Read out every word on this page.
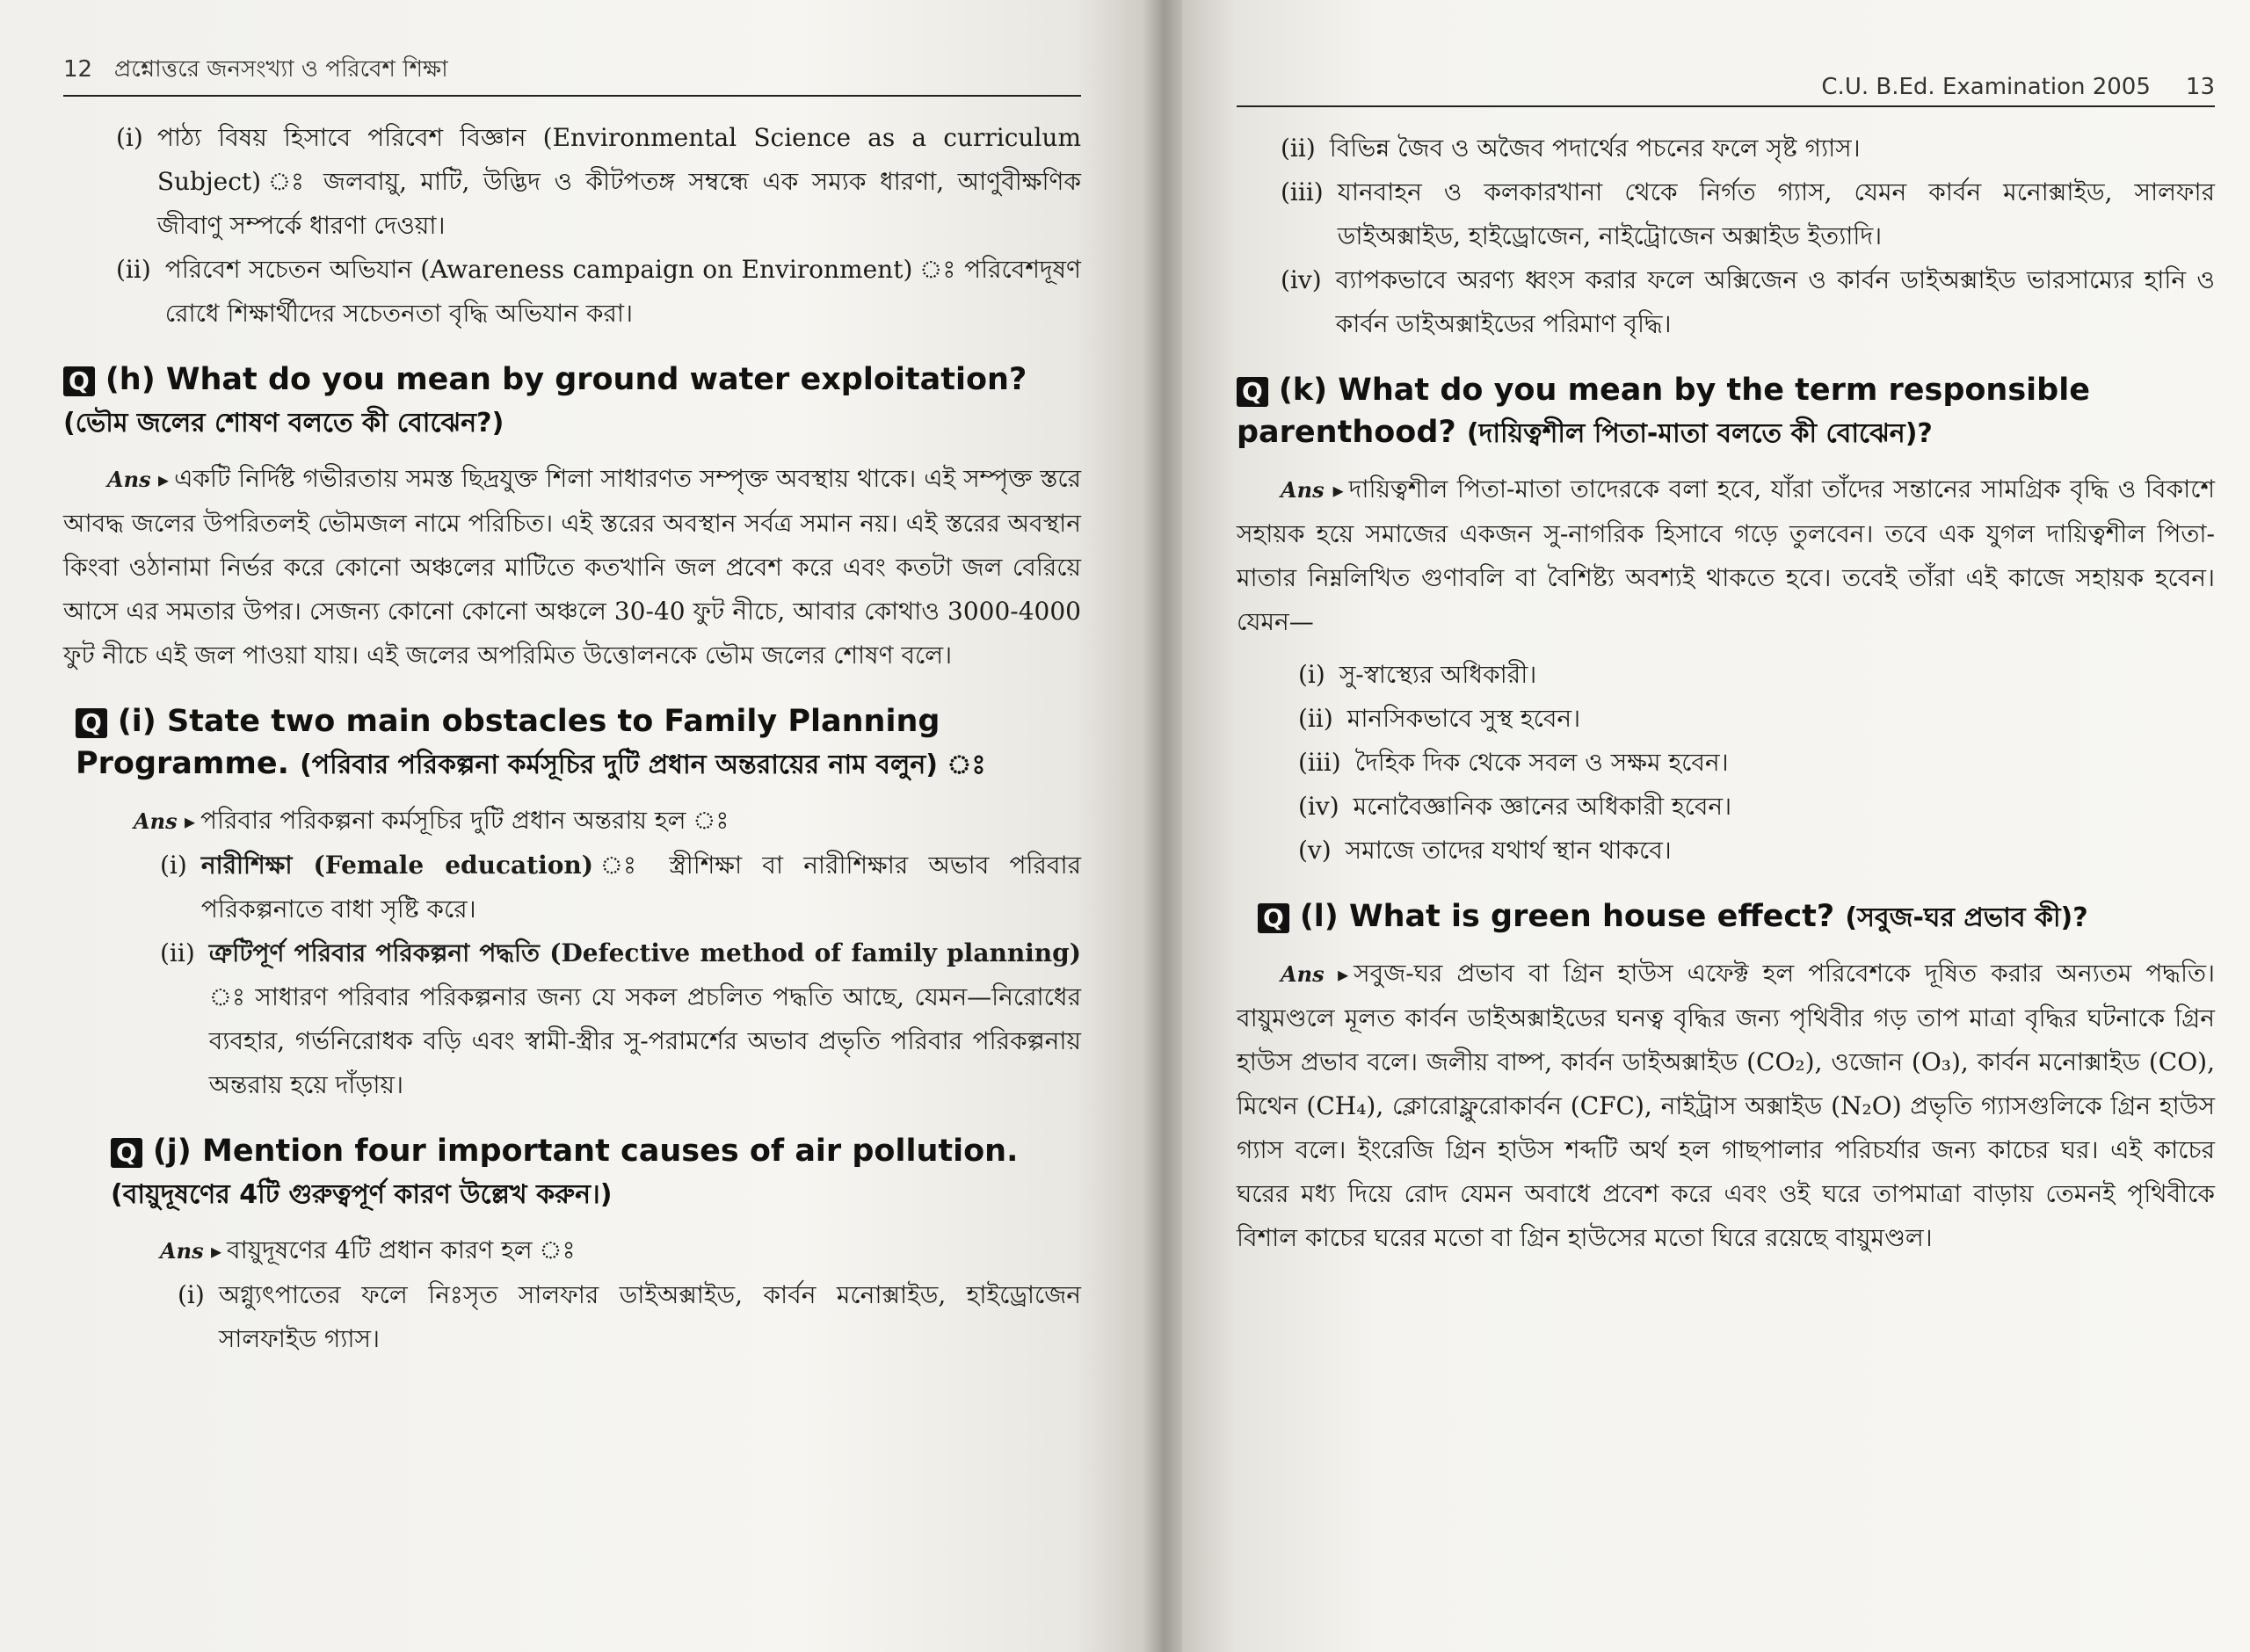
12 প্রশ্নোত্তরে জনসংখ্যা ও পরিবেশ শিক্ষা
(i) পাঠ্য বিষয় হিসাবে পরিবেশ বিজ্ঞান (Environmental Science as a curriculum Subject) ঃ জলবায়ু, মাটি, উদ্ভিদ ও কীটপতঙ্গ সম্বন্ধে এক সম্যক ধারণা, আণুবীক্ষণিক জীবাণু সম্পর্কে ধারণা দেওয়া।
(ii) পরিবেশ সচেতন অভিযান (Awareness campaign on Environment) ঃ পরিবেশদূষণ রোধে শিক্ষার্থীদের সচেতনতা বৃদ্ধি অভিযান করা।
Q (h) What do you mean by ground water exploitation? (ভৌম জলের শোষণ বলতে কী বোঝেন?)

Ans ▸ একটি নির্দিষ্ট গভীরতায় সমস্ত ছিদ্রযুক্ত শিলা সাধারণত সম্পৃক্ত অবস্থায় থাকে। এই সম্পৃক্ত স্তরে আবদ্ধ জলের উপরিতলই ভৌমজল নামে পরিচিত। এই স্তরের অবস্থান সর্বত্র সমান নয়। এই স্তরের অবস্থান কিংবা ওঠানামা নির্ভর করে কোনো অঞ্চলের মাটিতে কতখানি জল প্রবেশ করে এবং কতটা জল বেরিয়ে আসে এর সমতার উপর। সেজন্য কোনো কোনো অঞ্চলে 30-40 ফুট নীচে, আবার কোথাও 3000-4000 ফুট নীচে এই জল পাওয়া যায়। এই জলের অপরিমিত উত্তোলনকে ভৌম জলের শোষণ বলে।

Q (i) State two main obstacles to Family Planning Programme. (পরিবার পরিকল্পনা কর্মসূচির দুটি প্রধান অন্তরায়ের নাম বলুন) ঃ

Ans ▸ পরিবার পরিকল্পনা কর্মসূচির দুটি প্রধান অন্তরায় হল ঃ

(i) নারীশিক্ষা (Female education) ঃ স্ত্রীশিক্ষা বা নারীশিক্ষার অভাব পরিবার পরিকল্পনাতে বাধা সৃষ্টি করে।
(ii) ত্রুটিপূর্ণ পরিবার পরিকল্পনা পদ্ধতি (Defective method of family planning) ঃ সাধারণ পরিবার পরিকল্পনার জন্য যে সকল প্রচলিত পদ্ধতি আছে, যেমন—নিরোধের ব্যবহার, গর্ভনিরোধক বড়ি এবং স্বামী-স্ত্রীর সু-পরামর্শের অভাব প্রভৃতি পরিবার পরিকল্পনায় অন্তরায় হয়ে দাঁড়ায়।
Q (j) Mention four important causes of air pollution. (বায়ুদূষণের 4টি গুরুত্বপূর্ণ কারণ উল্লেখ করুন।)

Ans ▸ বায়ুদূষণের 4টি প্রধান কারণ হল ঃ

(i) অগ্ন্যুৎপাতের ফলে নিঃসৃত সালফার ডাইঅক্সাইড, কার্বন মনোক্সাইড, হাইড্রোজেন সালফাইড গ্যাস।
C.U. B.Ed. Examination 2005 13
(ii) বিভিন্ন জৈব ও অজৈব পদার্থের পচনের ফলে সৃষ্ট গ্যাস।
(iii) যানবাহন ও কলকারখানা থেকে নির্গত গ্যাস, যেমন কার্বন মনোক্সাইড, সালফার ডাইঅক্সাইড, হাইড্রোজেন, নাইট্রোজেন অক্সাইড ইত্যাদি।
(iv) ব্যাপকভাবে অরণ্য ধ্বংস করার ফলে অক্সিজেন ও কার্বন ডাইঅক্সাইড ভারসাম্যের হানি ও কার্বন ডাইঅক্সাইডের পরিমাণ বৃদ্ধি।
Q (k) What do you mean by the term responsible parenthood? (দায়িত্বশীল পিতা-মাতা বলতে কী বোঝেন)?

Ans ▸ দায়িত্বশীল পিতা-মাতা তাদেরকে বলা হবে, যাঁরা তাঁদের সন্তানের সামগ্রিক বৃদ্ধি ও বিকাশে সহায়ক হয়ে সমাজের একজন সু-নাগরিক হিসাবে গড়ে তুলবেন। তবে এক যুগল দায়িত্বশীল পিতা-মাতার নিম্নলিখিত গুণাবলি বা বৈশিষ্ট্য অবশ্যই থাকতে হবে। তবেই তাঁরা এই কাজে সহায়ক হবেন। যেমন—

(i) সু-স্বাস্থ্যের অধিকারী।
(ii) মানসিকভাবে সুস্থ হবেন।
(iii) দৈহিক দিক থেকে সবল ও সক্ষম হবেন।
(iv) মনোবৈজ্ঞানিক জ্ঞানের অধিকারী হবেন।
(v) সমাজে তাদের যথার্থ স্থান থাকবে।
Q (l) What is green house effect? (সবুজ-ঘর প্রভাব কী)?

Ans ▸ সবুজ-ঘর প্রভাব বা গ্রিন হাউস এফেক্ট হল পরিবেশকে দূষিত করার অন্যতম পদ্ধতি। বায়ুমণ্ডলে মূলত কার্বন ডাইঅক্সাইডের ঘনত্ব বৃদ্ধির জন্য পৃথিবীর গড় তাপ মাত্রা বৃদ্ধির ঘটনাকে গ্রিন হাউস প্রভাব বলে। জলীয় বাষ্প, কার্বন ডাইঅক্সাইড (CO₂), ওজোন (O₃), কার্বন মনোক্সাইড (CO), মিথেন (CH₄), ক্লোরোফ্লুরোকার্বন (CFC), নাইট্রাস অক্সাইড (N₂O) প্রভৃতি গ্যাসগুলিকে গ্রিন হাউস গ্যাস বলে। ইংরেজি গ্রিন হাউস শব্দটি অর্থ হল গাছপালার পরিচর্যার জন্য কাচের ঘর। এই কাচের ঘরের মধ্য দিয়ে রোদ যেমন অবাধে প্রবেশ করে এবং ওই ঘরে তাপমাত্রা বাড়ায় তেমনই পৃথিবীকে বিশাল কাচের ঘরের মতো বা গ্রিন হাউসের মতো ঘিরে রয়েছে বায়ুমণ্ডল।
